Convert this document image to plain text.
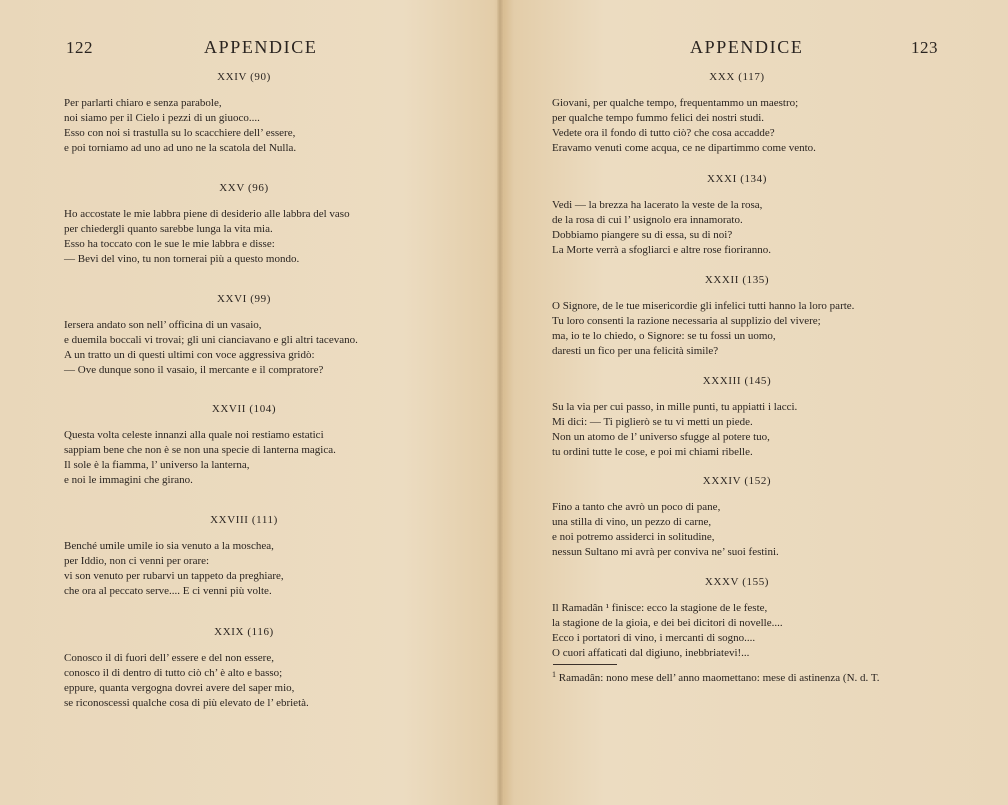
122	APPENDICE
XXIV (90)
Per parlarti chiaro e senza parabole,
noi siamo per il Cielo i pezzi di un giuoco....
Esso con noi si trastulla su lo scacchiere dell’ essere,
e poi torniamo ad uno ad uno ne la scatola del Nulla.
XXV (96)
Ho accostate le mie labbra piene di desiderio alle labbra del vaso
per chiedergli quanto sarebbe lunga la vita mia.
Esso ha toccato con le sue le mie labbra e disse:
— Bevi del vino, tu non tornerai più a questo mondo.
XXVI (99)
Iersera andato son nell’ officina di un vasaio,
e duemila boccali vi trovai; gli uni cianciavano e gli altri tacevano.
A un tratto un di questi ultimi con voce aggressiva gridò:
— Ove dunque sono il vasaio, il mercante e il compratore?
XXVII (104)
Questa volta celeste innanzi alla quale noi restiamo estatici
sappiam bene che non è se non una specie di lanterna magica.
Il sole è la fiamma, l’ universo la lanterna,
e noi le immagini che girano.
XXVIII (111)
Benché umile umile io sia venuto a la moschea,
per Iddio, non ci venni per orare:
vi son venuto per rubarvi un tappeto da preghiare,
che ora al peccato serve.... E ci venni più volte.
XXIX (116)
Conosco il di fuori dell’ essere e del non essere,
conosco il di dentro di tutto ciò ch’ è alto e basso;
eppure, quanta vergogna dovrei avere del saper mio,
se riconoscessi qualche cosa di più elevato de l’ ebrietà.
APPENDICE	123
XXX (117)
Giovani, per qualche tempo, frequentammo un maestro;
per qualche tempo fummo felici dei nostri studi.
Vedete ora il fondo di tutto ciò? che cosa accadde?
Eravamo venuti come acqua, ce ne dipartimmo come vento.
XXXI (134)
Vedi — la brezza ha lacerato la veste de la rosa,
de la rosa di cui l’ usignolo era innamorato.
Dobbiamo piangere su di essa, su di noi?
La Morte verrà a sfogliarci e altre rose fioriranno.
XXXII (135)
O Signore, de le tue misericordie gli infelici tutti hanno la loro parte.
Tu loro consenti la razione necessaria al supplizio del vivere;
ma, io te lo chiedo, o Signore: se tu fossi un uomo,
daresti un fico per una felicità simile?
XXXIII (145)
Su la via per cui passo, in mille punti, tu appiatti i lacci.
Mi dici: — Ti piglierò se tu vi metti un piede.
Non un atomo de l’ universo sfugge al potere tuo,
tu ordini tutte le cose, e poi mi chiami ribelle.
XXXIV (152)
Fino a tanto che avrò un poco di pane,
una stilla di vino, un pezzo di carne,
e noi potremo assiderci in solitudine,
nessun Sultano mi avrà per conviva ne’ suoi festini.
XXXV (155)
Il Ramadân ¹ finisce: ecco la stagione de le feste,
la stagione de la gioia, e dei bei dicitori di novelle....
Ecco i portatori di vino, i mercanti di sogno....
O cuori affaticati dal digiuno, inebbriatevi!...
$^1$ Ramadân: nono mese dell’ anno maomettano: mese di astinenza (N. d. T.
